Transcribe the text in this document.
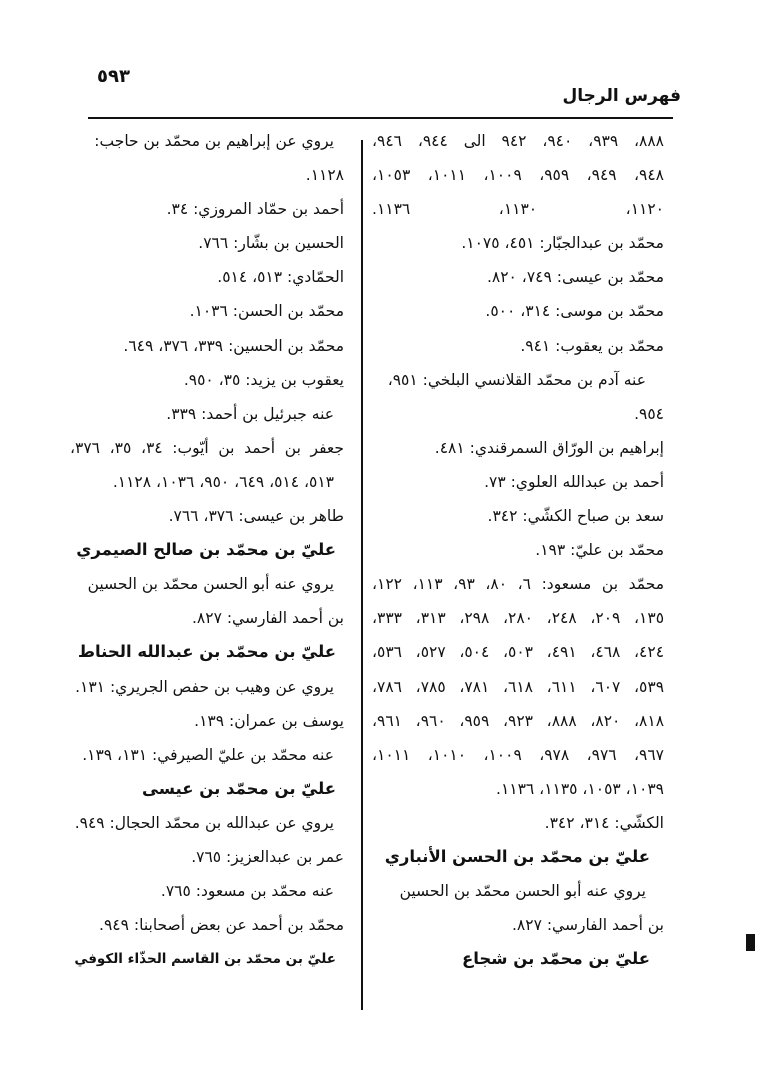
٥٩٣
فهرس الرجال
٨٨٨، ٩٣٩، ٩٤٠، ٩٤٢ الى ٩٤٤، ٩٤٦،
٩٤٨، ٩٤٩، ٩٥٩، ١٠٠٩، ١٠١١، ١٠٥٣،
١١٢٠، ١١٣٠، ١١٣٦.
محمّد بن عبدالجبّار: ٤٥١، ١٠٧٥.
محمّد بن عيسى: ٧٤٩، ٨٢٠.
محمّد بن موسى: ٣١٤، ٥٠٠.
محمّد بن يعقوب: ٩٤١.
عنه آدم بن محمّد القلانسي البلخي: ٩٥١،
٩٥٤.
إبراهيم بن الورّاق السمرقندي: ٤٨١.
أحمد بن عبدالله العلوي: ٧٣.
سعد بن صباح الكشّي: ٣٤٢.
محمّد بن عليّ: ١٩٣.
محمّد بن مسعود: ٦، ٨٠، ٩٣، ١١٣، ١٢٢،
١٣٥، ٢٠٩، ٢٤٨، ٢٨٠، ٢٩٨، ٣١٣، ٣٣٣،
٤٢٤، ٤٦٨، ٤٩١، ٥٠٣، ٥٠٤، ٥٢٧، ٥٣٦،
٥٣٩، ٦٠٧، ٦١١، ٦١٨، ٧٨١، ٧٨٥، ٧٨٦،
٨١٨، ٨٢٠، ٨٨٨، ٩٢٣، ٩٥٩، ٩٦٠، ٩٦١،
٩٦٧، ٩٧٦، ٩٧٨، ١٠٠٩، ١٠١٠، ١٠١١،
١٠٣٩، ١٠٥٣، ١١٣٥، ١١٣٦.
الكشّي: ٣١٤، ٣٤٢.
عليّ بن محمّد بن الحسن الأنباري
يروي عنه أبو الحسن محمّد بن الحسين
بن أحمد الفارسي: ٨٢٧.
عليّ بن محمّد بن شجاع
يروي عن إبراهيم بن محمّد بن حاجب:
١١٢٨.
أحمد بن حمّاد المروزي: ٣٤.
الحسين بن بشّار: ٧٦٦.
الحمّادي: ٥١٣، ٥١٤.
محمّد بن الحسن: ١٠٣٦.
محمّد بن الحسين: ٣٣٩، ٣٧٦، ٦٤٩.
يعقوب بن يزيد: ٣٥، ٩٥٠.
عنه جبرئيل بن أحمد: ٣٣٩.
جعفر بن أحمد بن أيّوب: ٣٤، ٣٥، ٣٧٦،
٥١٣، ٥١٤، ٦٤٩، ٩٥٠، ١٠٣٦، ١١٢٨.
طاهر بن عيسى: ٣٧٦، ٧٦٦.
عليّ بن محمّد بن صالح الصيمري
يروي عنه أبو الحسن محمّد بن الحسين
بن أحمد الفارسي: ٨٢٧.
عليّ بن محمّد بن عبدالله الحناط
يروي عن وهيب بن حفص الجريري: ١٣١.
يوسف بن عمران: ١٣٩.
عنه محمّد بن عليّ الصيرفي: ١٣١، ١٣٩.
عليّ بن محمّد بن عيسى
يروي عن عبدالله بن محمّد الحجال: ٩٤٩.
عمر بن عبدالعزيز: ٧٦٥.
عنه محمّد بن مسعود: ٧٦٥.
محمّد بن أحمد عن بعض أصحابنا: ٩٤٩.
عليّ بن محمّد بن القاسم الحذّاء الكوفي
